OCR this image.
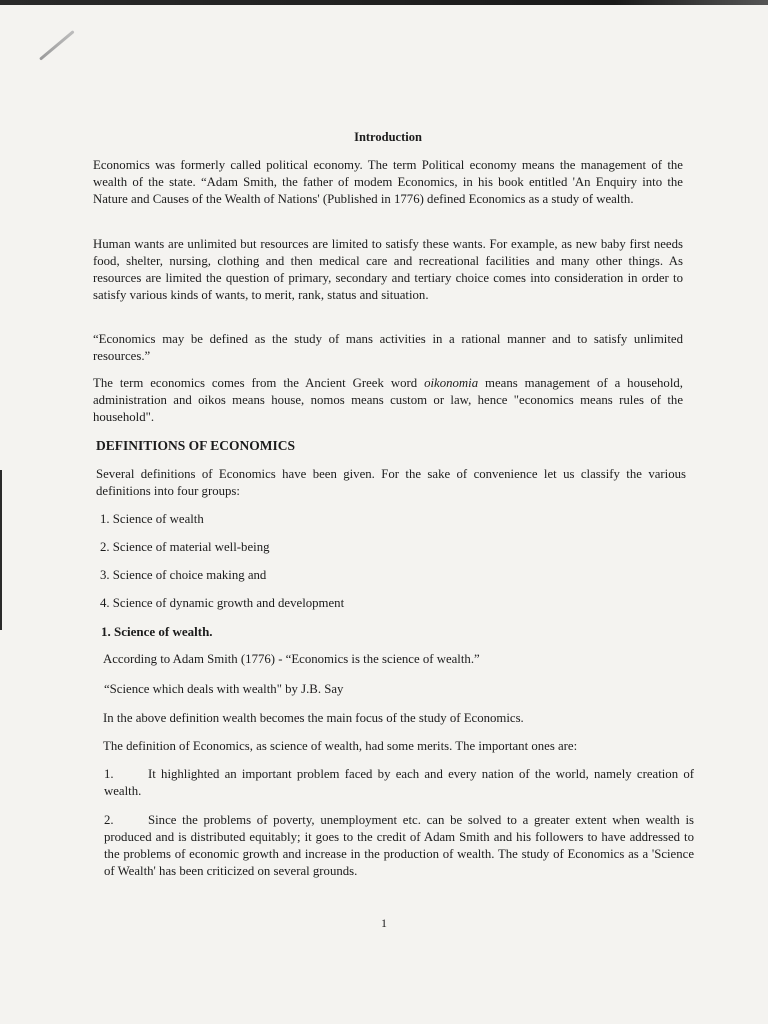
Introduction

Economics was formerly called political economy. The term Political economy means the management of the wealth of the state. “Adam Smith, the father of modem Economics, in his book entitled 'An Enquiry into the Nature and Causes of the Wealth of Nations' (Published in 1776) defined Economics as a study of wealth.

Human wants are unlimited but resources are limited to satisfy these wants. For example, as new baby first needs food, shelter, nursing, clothing and then medical care and recreational facilities and many other things. As resources are limited the question of primary, secondary and tertiary choice comes into consideration in order to satisfy various kinds of wants, to merit, rank, status and situation.

“Economics may be defined as the study of mans activities in a rational manner and to satisfy unlimited resources.”

The term economics comes from the Ancient Greek word oikonomia means management of a household, administration and oikos means house, nomos means custom or law, hence "economics means rules of the household".

DEFINITIONS OF ECONOMICS

Several definitions of Economics have been given. For the sake of convenience let us classify the various definitions into four groups:

1. Science of wealth

2. Science of material well-being

3. Science of choice making and

4. Science of dynamic growth and development

1. Science of wealth.

According to Adam Smith (1776) - “Economics is the science of wealth.”

“Science which deals with wealth" by J.B. Say

In the above definition wealth becomes the main focus of the study of Economics.

The definition of Economics, as science of wealth, had some merits. The important ones are:

1.	It highlighted an important problem faced by each and every nation of the world, namely creation of wealth.

2.	Since the problems of poverty, unemployment etc. can be solved to a greater extent when wealth is produced and is distributed equitably; it goes to the credit of Adam Smith and his followers to have addressed to the problems of economic growth and increase in the production of wealth. The study of Economics as a 'Science of Wealth' has been criticized on several grounds.

1
